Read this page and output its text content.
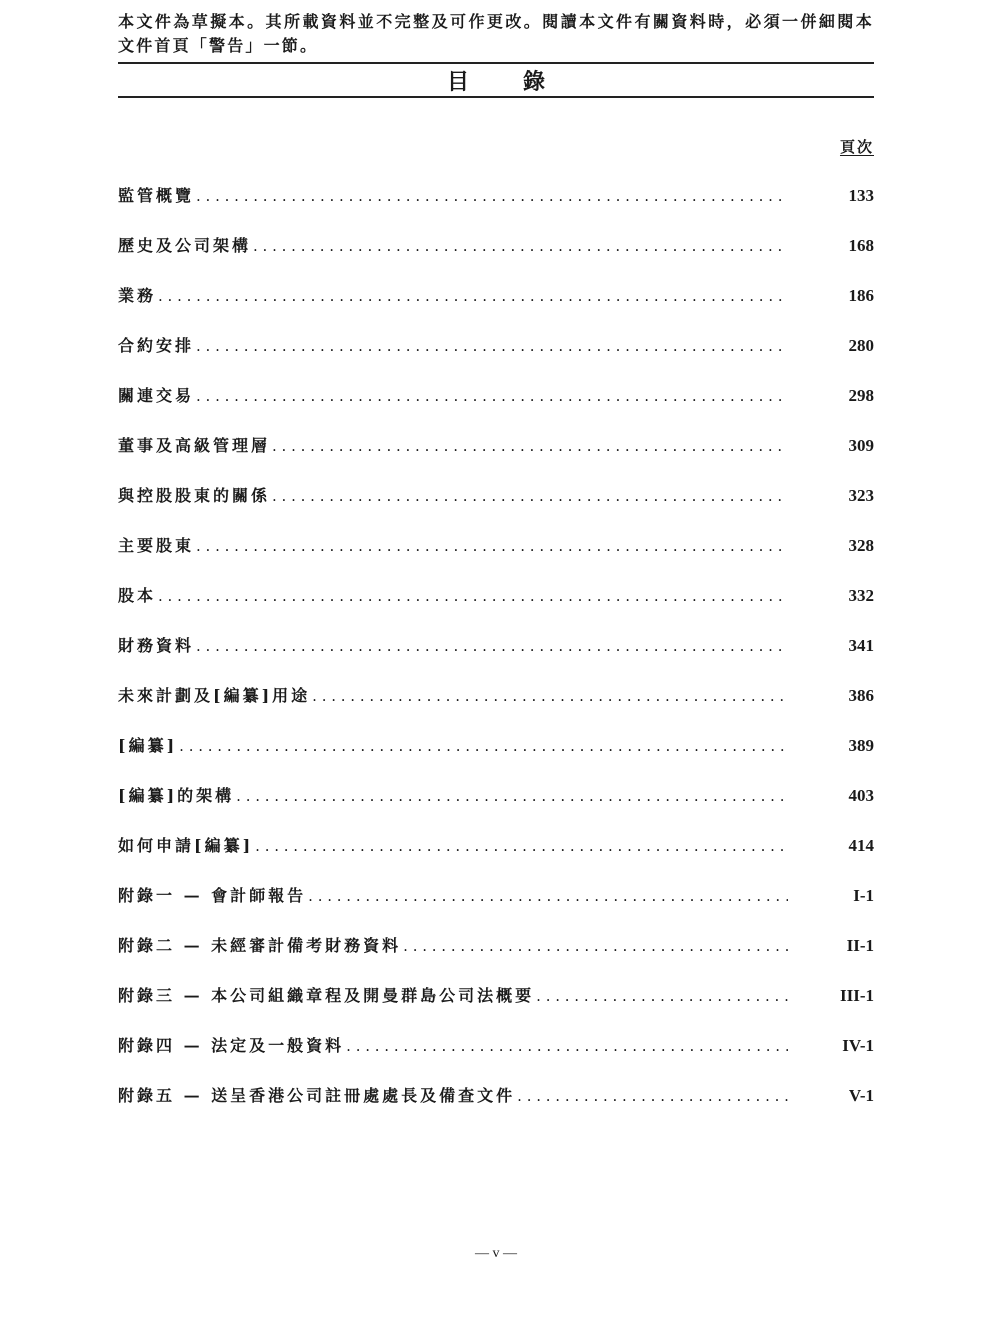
本文件為草擬本。其所載資料並不完整及可作更改。閱讀本文件有關資料時，必須一併細閱本文件首頁「警告」一節。
目 錄
頁次
監管概覽 . . .	133
歷史及公司架構 . . .	168
業務 . . .	186
合約安排 . . .	280
關連交易 . . .	298
董事及高級管理層 . . .	309
與控股股東的關係 . . .	323
主要股東 . . .	328
股本 . . .	332
財務資料 . . .	341
未來計劃及[編纂]用途 . . .	386
[編纂] . . .	389
[編纂]的架構 . . .	403
如何申請[編纂] . . .	414
附錄一 — 會計師報告 . . .	I-1
附錄二 — 未經審計備考財務資料 . . .	II-1
附錄三 — 本公司組織章程及開曼群島公司法概要 . . .	III-1
附錄四 — 法定及一般資料 . . .	IV-1
附錄五 — 送呈香港公司註冊處處長及備查文件 . . .	V-1
— v —
